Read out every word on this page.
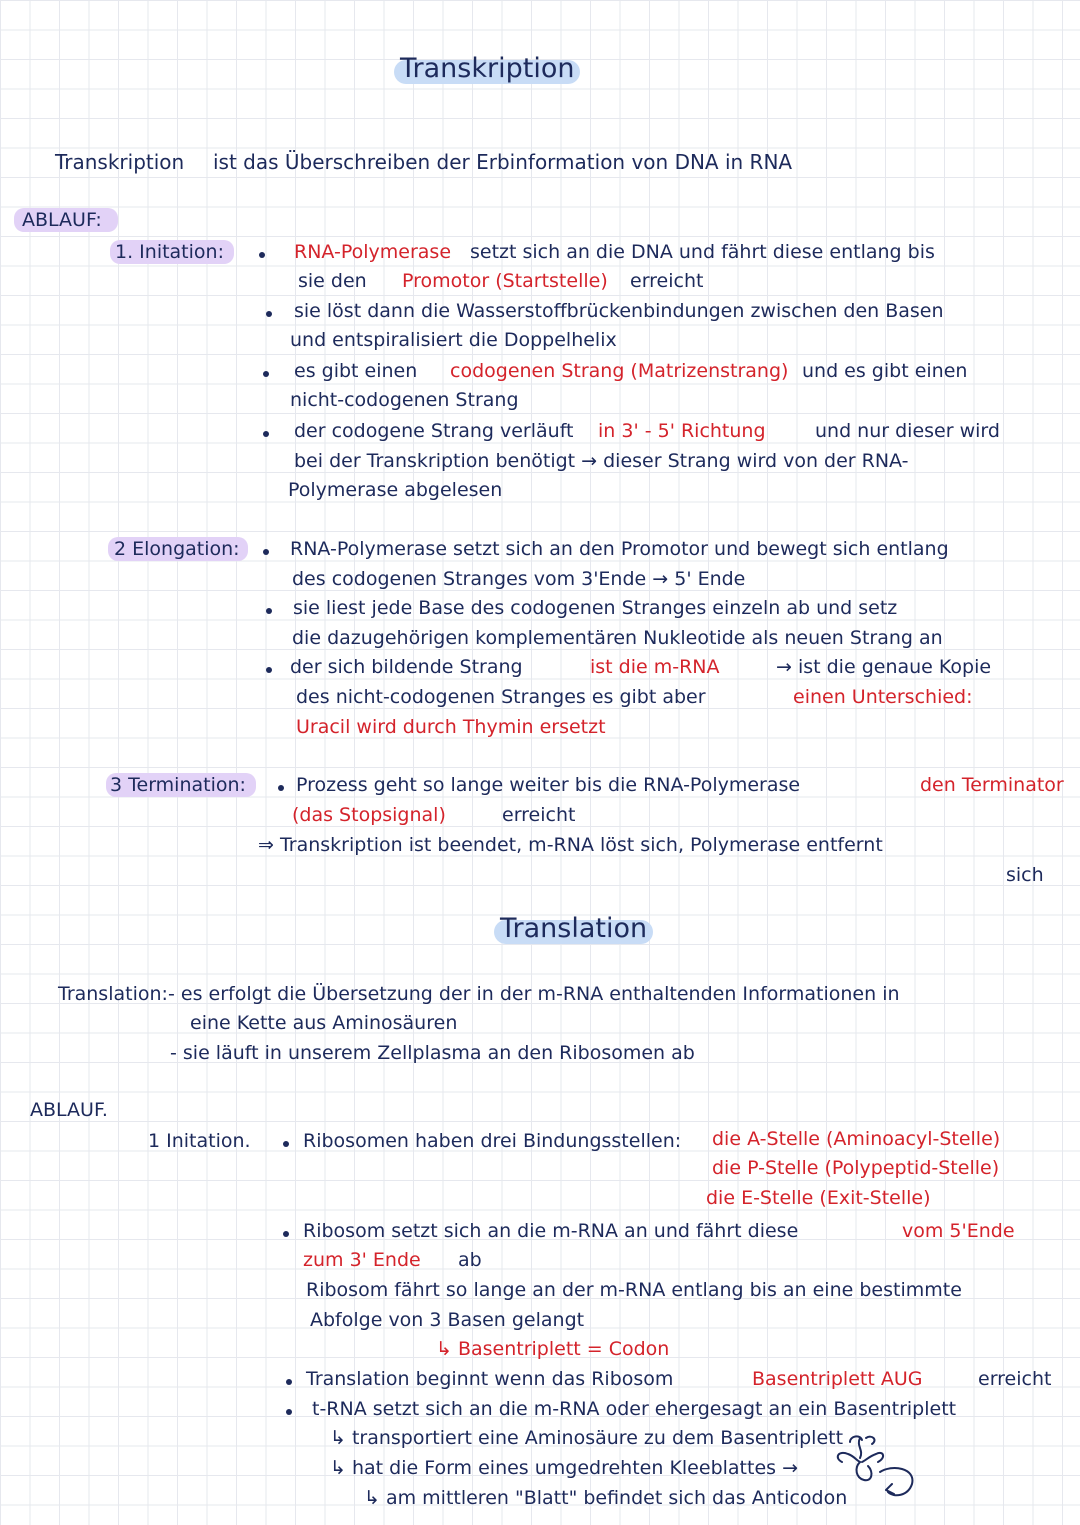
Transkription
Transkription ist das Überschreiben der Erbinformation von DNA in RNA
ABLAUF:
1. Initation:	RNA-Polymerase setzt sich an die DNA und fährt diese entlang bis
sie den Promotor (Startstelle) erreicht
sie löst dann die Wasserstoffbrückenbindungen zwischen den Basen
und entspiralisiert die Doppelhelix
es gibt einen codogenen Strang (Matrizenstrang) und es gibt einen
nicht-codogenen Strang
der codogene Strang verläuft in 3' - 5' Richtung	und nur dieser wird
bei der Transkription benötigt → dieser Strang wird von der RNA-
Polymerase abgelesen
2 Elongation:	RNA-Polymerase setzt sich an den Promotor und bewegt sich entlang
des codogenen Stranges vom 3'Ende → 5' Ende
sie liest jede Base des codogenen Stranges einzeln ab und setz
die dazugehörigen komplementären Nukleotide als neuen Strang an
der sich bildende Strang	ist die m-RNA	→ ist die genaue Kopie
des nicht-codogenen Stranges es gibt aber	einen Unterschied:
Uracil wird durch Thymin ersetzt
3 Termination:	Prozess geht so lange weiter bis die RNA-Polymerase	den Terminator
(das Stopsignal)	erreicht
⇒ Transkription ist beendet, m-RNA löst sich, Polymerase entfernt
sich
Translation
Translation: - es erfolgt die Übersetzung der in der m-RNA enthaltenden Informationen in
eine Kette aus Aminosäuren
- sie läuft in unserem Zellplasma an den Ribosomen ab
ABLAUF.
1 Initation.	Ribosomen haben drei Bindungsstellen: die A-Stelle (Aminoacyl-Stelle)
die P-Stelle (Polypeptid-Stelle)
die E-Stelle (Exit-Stelle)
Ribosom setzt sich an die m-RNA an und fährt diese	vom 5'Ende
zum 3' Ende ab
Ribosom fährt so lange an der m-RNA entlang bis an eine bestimmte
Abfolge von 3 Basen gelangt
↳ Basentriplett = Codon
Translation beginnt wenn das Ribosom	Basentriplett AUG	erreicht
t-RNA setzt sich an die m-RNA oder ehergesagt an ein Basentriplett
↳ transportiert eine Aminosäure zu dem Basentriplett
↳ hat die Form eines umgedrehten Kleeblattes →
↳ am mittleren "Blatt" befindet sich das Anticodon
